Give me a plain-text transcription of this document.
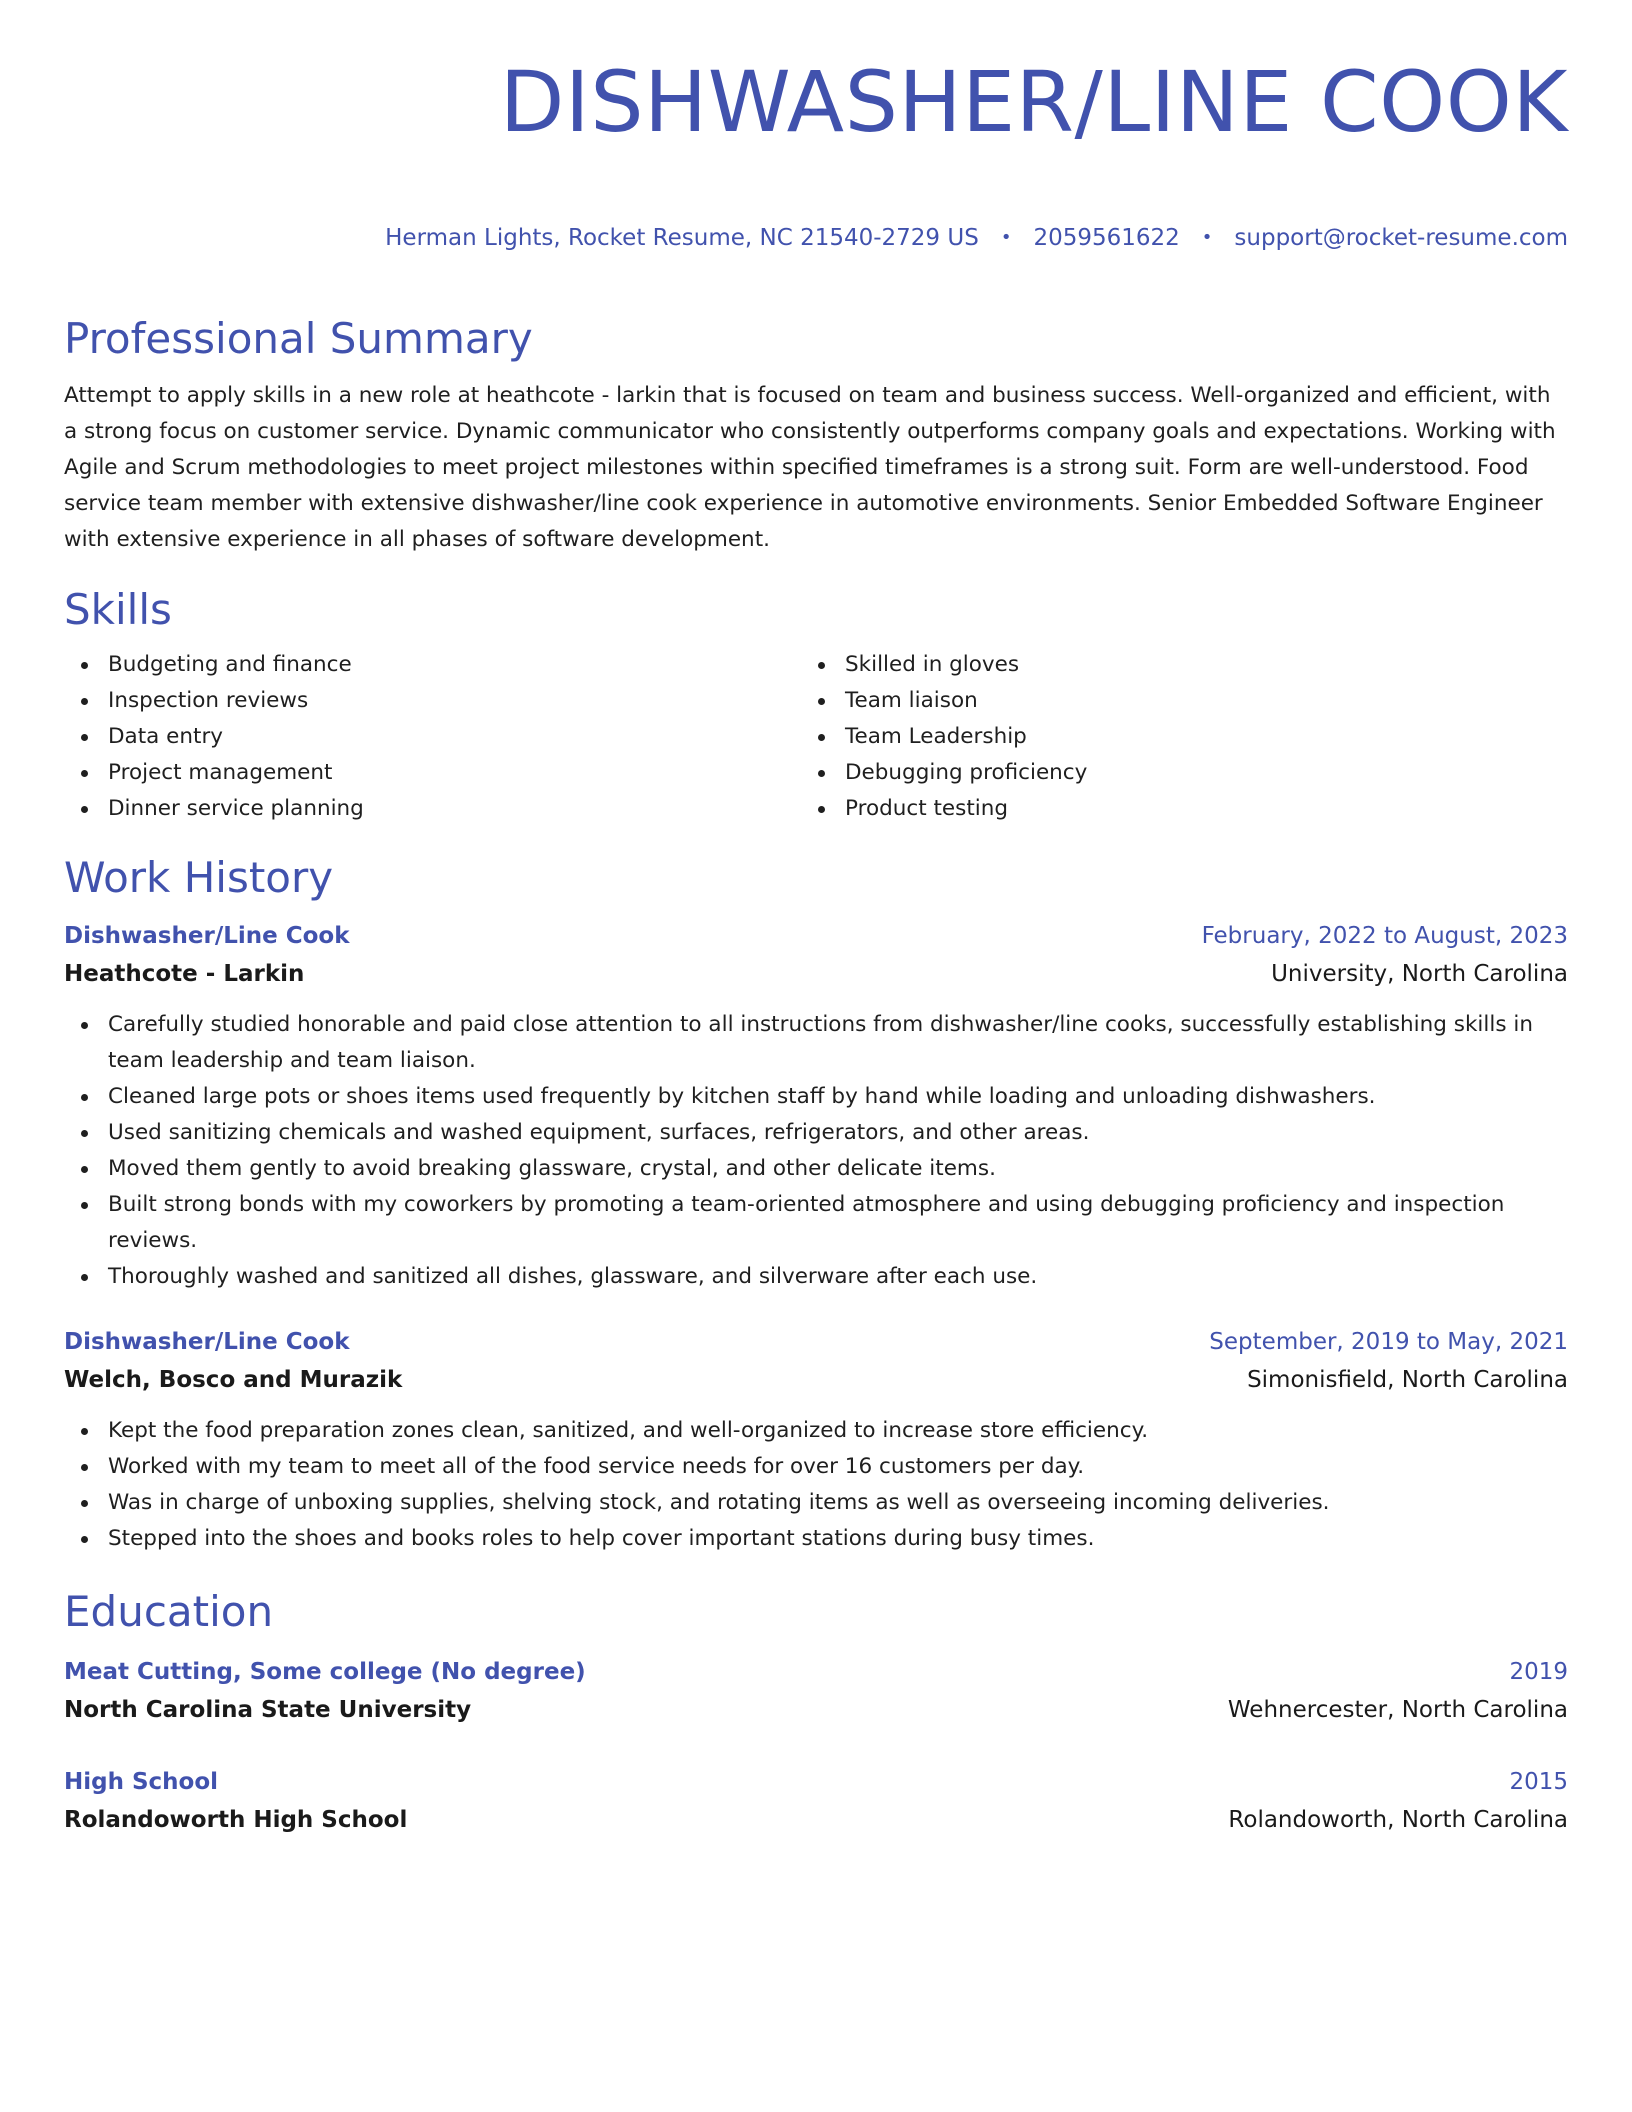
DISHWASHER/LINE COOK
Herman Lights, Rocket Resume, NC 21540-2729 US • 2059561622 • support@rocket-resume.com
Professional Summary

Attempt to apply skills in a new role at heathcote - larkin that is focused on team and business success. Well-organized and efficient, with a strong focus on customer service. Dynamic communicator who consistently outperforms company goals and expectations. Working with Agile and Scrum methodologies to meet project milestones within specified timeframes is a strong suit. Form are well-understood. Food service team member with extensive dishwasher/line cook experience in automotive environments. Senior Embedded Software Engineer with extensive experience in all phases of software development.

Skills
Budgeting and finance
Inspection reviews
Data entry
Project management
Dinner service planning
Skilled in gloves
Team liaison
Team Leadership
Debugging proficiency
Product testing
Work History
Dishwasher/Line Cook	February, 2022 to August, 2023
Heathcote - Larkin	University, North Carolina
Carefully studied honorable and paid close attention to all instructions from dishwasher/line cooks, successfully establishing skills in team leadership and team liaison.
Cleaned large pots or shoes items used frequently by kitchen staff by hand while loading and unloading dishwashers.
Used sanitizing chemicals and washed equipment, surfaces, refrigerators, and other areas.
Moved them gently to avoid breaking glassware, crystal, and other delicate items.
Built strong bonds with my coworkers by promoting a team-oriented atmosphere and using debugging proficiency and inspection reviews.
Thoroughly washed and sanitized all dishes, glassware, and silverware after each use.
Dishwasher/Line Cook	September, 2019 to May, 2021
Welch, Bosco and Murazik	Simonisfield, North Carolina
Kept the food preparation zones clean, sanitized, and well-organized to increase store efficiency.
Worked with my team to meet all of the food service needs for over 16 customers per day.
Was in charge of unboxing supplies, shelving stock, and rotating items as well as overseeing incoming deliveries.
Stepped into the shoes and books roles to help cover important stations during busy times.
Education
Meat Cutting, Some college (No degree)	2019
North Carolina State University	Wehnercester, North Carolina
High School	2015
Rolandoworth High School	Rolandoworth, North Carolina
